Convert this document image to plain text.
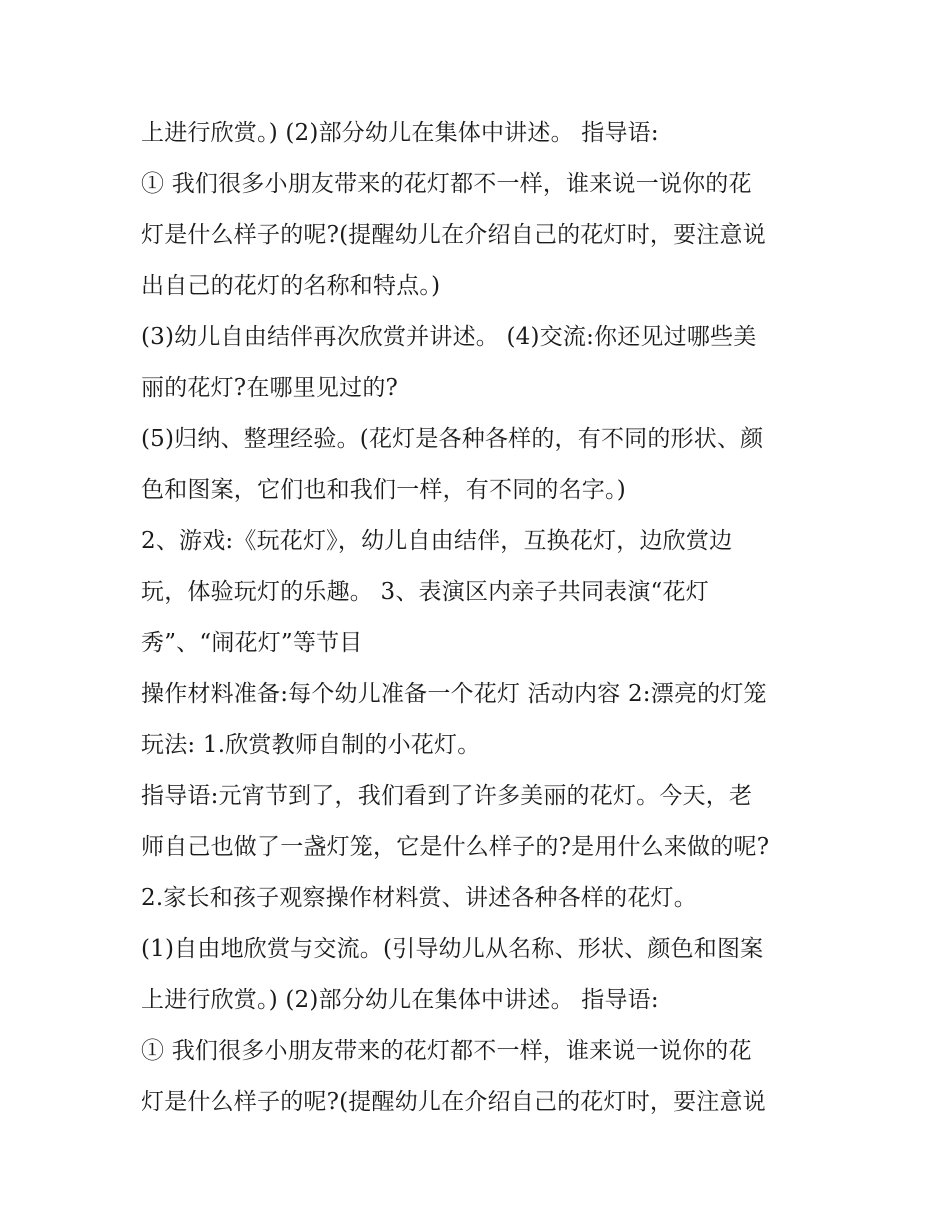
上进行欣赏。) (2)部分幼儿在集体中讲述。 指导语:
① 我们很多小朋友带来的花灯都不一样，谁来说一说你的花
灯是什么样子的呢?(提醒幼儿在介绍自己的花灯时，要注意说
出自己的花灯的名称和特点。)
(3)幼儿自由结伴再次欣赏并讲述。 (4)交流:你还见过哪些美
丽的花灯?在哪里见过的?
(5)归纳、整理经验。(花灯是各种各样的，有不同的形状、颜
色和图案，它们也和我们一样，有不同的名字。)
2、游戏:《玩花灯》，幼儿自由结伴，互换花灯，边欣赏边
玩，体验玩灯的乐趣。 3、表演区内亲子共同表演“花灯
秀”、“闹花灯”等节目
操作材料准备:每个幼儿准备一个花灯 活动内容 2:漂亮的灯笼
玩法: 1.欣赏教师自制的小花灯。
指导语:元宵节到了，我们看到了许多美丽的花灯。今天，老
师自己也做了一盏灯笼，它是什么样子的?是用什么来做的呢?
2.家长和孩子观察操作材料赏、讲述各种各样的花灯。
(1)自由地欣赏与交流。(引导幼儿从名称、形状、颜色和图案
上进行欣赏。) (2)部分幼儿在集体中讲述。 指导语:
① 我们很多小朋友带来的花灯都不一样，谁来说一说你的花
灯是什么样子的呢?(提醒幼儿在介绍自己的花灯时，要注意说
